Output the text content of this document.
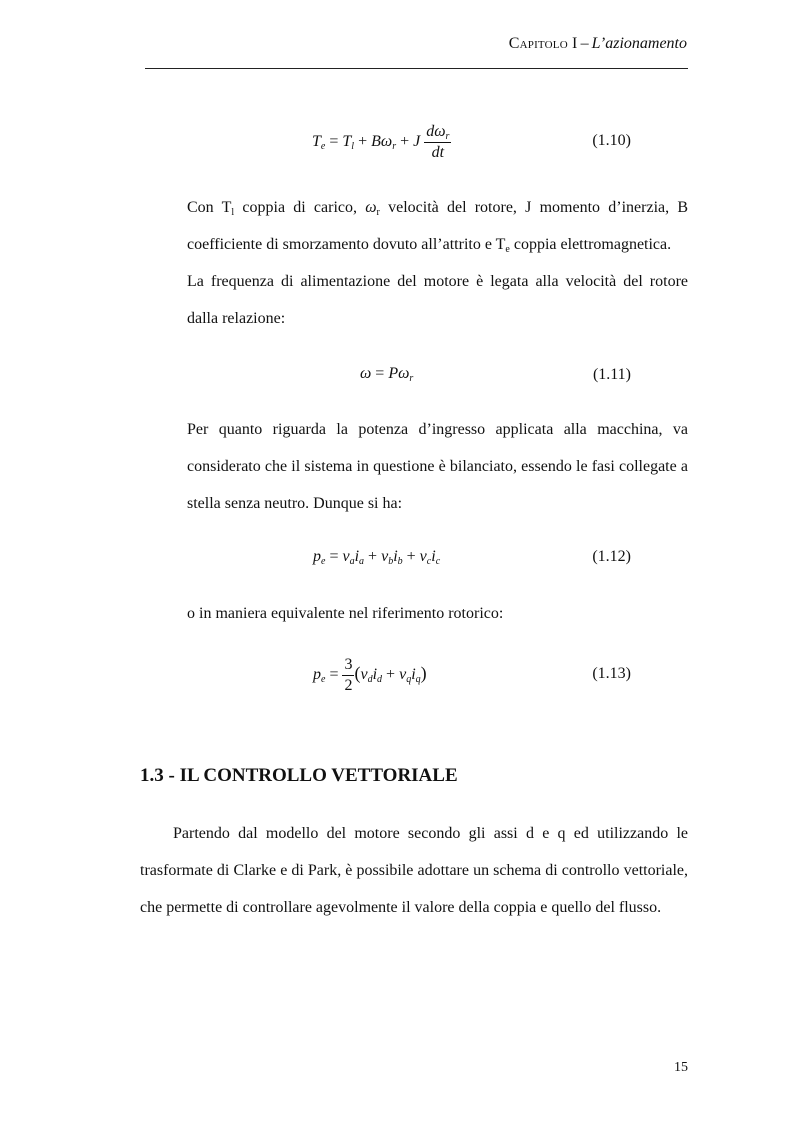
Capitolo I – L’azionamento
$T_e = T_l + B\omega_r + J \frac{d\omega_r}{dt}$	(1.10)

Con $T_l$ coppia di carico, $\omega_r$ velocità del rotore, J momento d’inerzia, B coefficiente di smorzamento dovuto all’attrito e $T_e$ coppia elettromagnetica.

La frequenza di alimentazione del motore è legata alla velocità del rotore dalla relazione:

$\omega = P\omega_r$	(1.11)

Per quanto riguarda la potenza d’ingresso applicata alla macchina, va considerato che il sistema in questione è bilanciato, essendo le fasi collegate a stella senza neutro. Dunque si ha:

$p_e = v_ai_a + v_bi_b + v_ci_c$	(1.12)

o in maniera equivalente nel riferimento rotorico:

$p_e = \frac{3}{2} (v_di_d + v_qi_q)$	(1.13)
1.3 - IL CONTROLLO VETTORIALE

Partendo dal modello del motore secondo gli assi d e q ed utilizzando le trasformate di Clarke e di Park, è possibile adottare un schema di controllo vettoriale, che permette di controllare agevolmente il valore della coppia e quello del flusso.

15
